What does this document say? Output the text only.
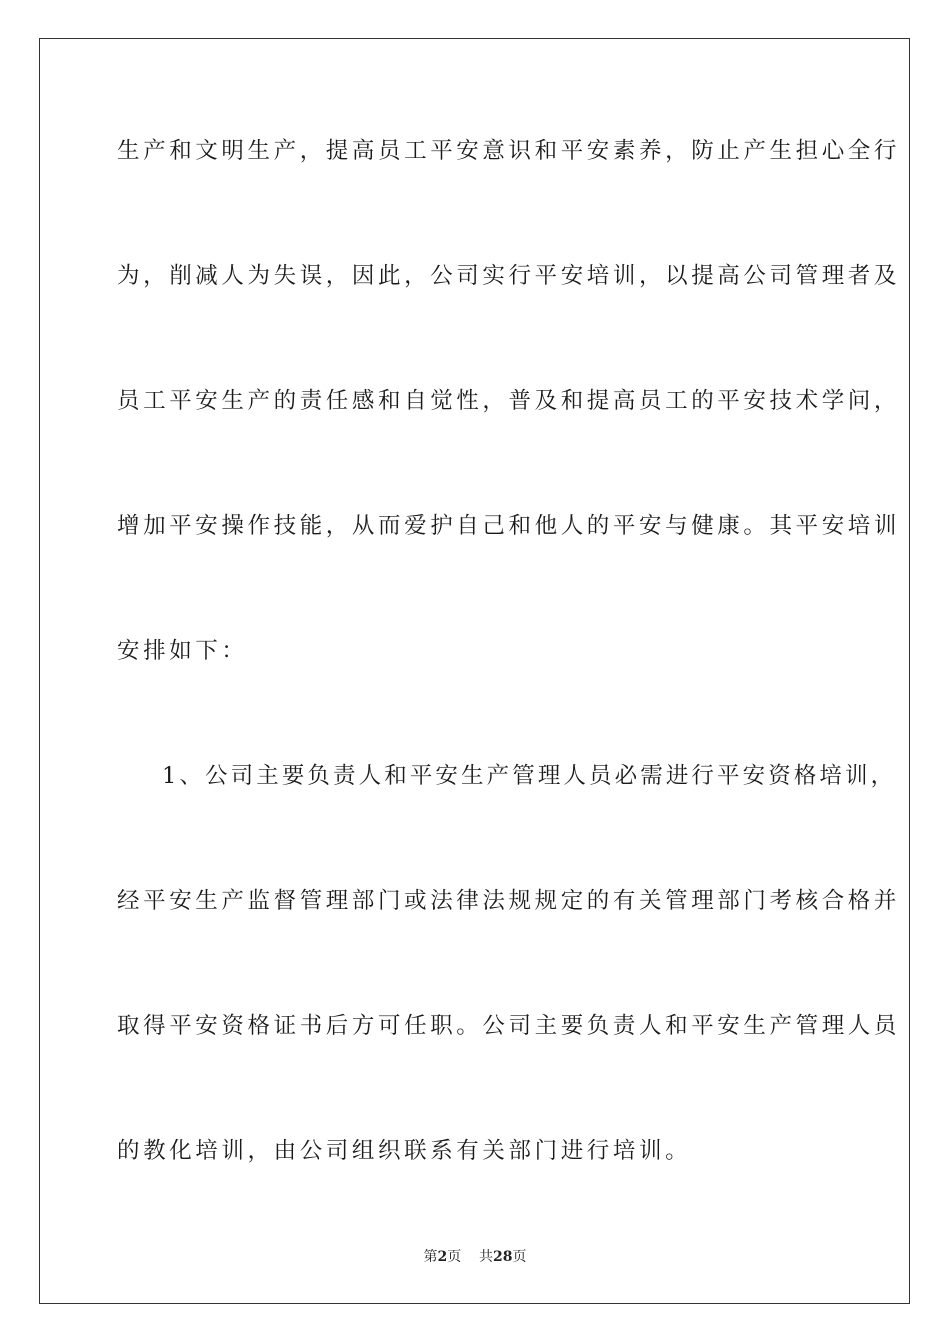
生产和文明生产，提高员工平安意识和平安素养，防止产生担心全行
为，削减人为失误，因此，公司实行平安培训，以提高公司管理者及
员工平安生产的责任感和自觉性，普及和提高员工的平安技术学问，
增加平安操作技能，从而爱护自己和他人的平安与健康。其平安培训
安排如下：
1、公司主要负责人和平安生产管理人员必需进行平安资格培训，
经平安生产监督管理部门或法律法规规定的有关管理部门考核合格并
取得平安资格证书后方可任职。公司主要负责人和平安生产管理人员
的教化培训，由公司组织联系有关部门进行培训。
第2页 共28页
